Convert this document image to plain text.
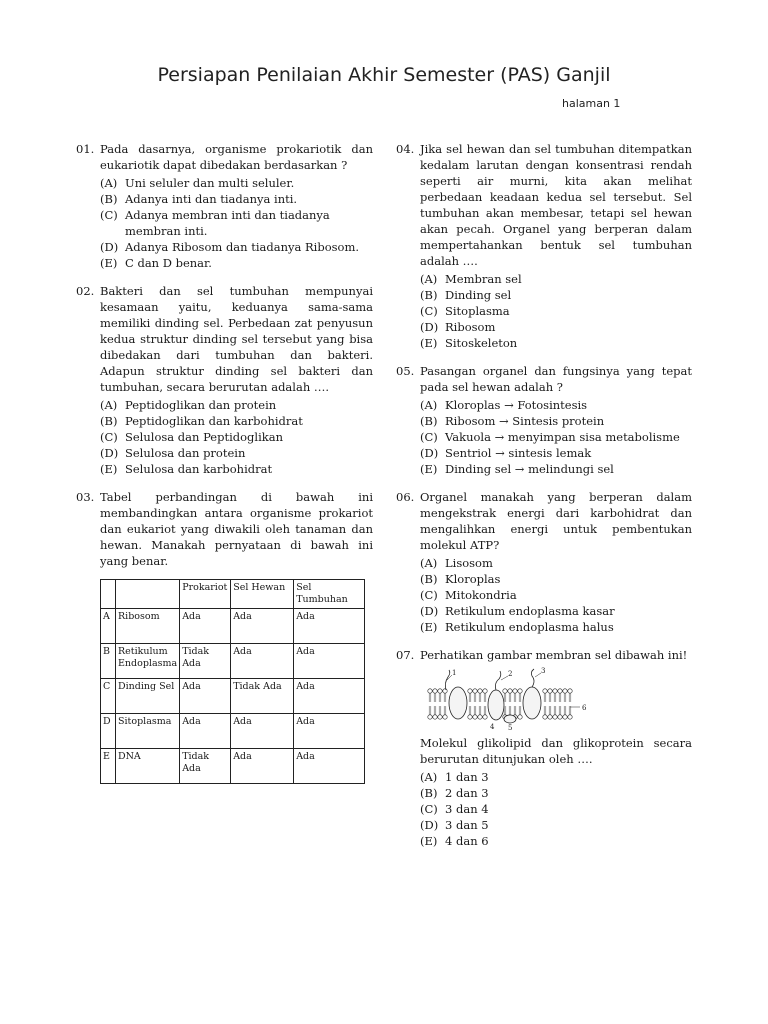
Persiapan Penilaian Akhir Semester (PAS) Ganjil
halaman 1
01. Pada dasarnya, organisme prokariotik dan eukariotik dapat dibedakan berdasarkan ?
(A) Uni seluler dan multi seluler.
(B) Adanya inti dan tiadanya inti.
(C) Adanya membran inti dan tiadanya membran inti.
(D) Adanya Ribosom dan tiadanya Ribosom.
(E) C dan D benar.
02. Bakteri dan sel tumbuhan mempunyai kesamaan yaitu, keduanya sama-sama memiliki dinding sel. Perbedaan zat penyusun kedua struktur dinding sel tersebut yang bisa dibedakan dari tumbuhan dan bakteri. Adapun struktur dinding sel bakteri dan tumbuhan, secara berurutan adalah ….
(A) Peptidoglikan dan protein
(B) Peptidoglikan dan karbohidrat
(C) Selulosa dan Peptidoglikan
(D) Selulosa dan protein
(E) Selulosa dan karbohidrat
03. Tabel perbandingan di bawah ini membandingkan antara organisme prokariot dan eukariot yang diwakili oleh tanaman dan hewan. Manakah pernyataan di bawah ini yang benar.
		Prokariot	Sel Hewan	Sel Tumbuhan
A	Ribosom	Ada	Ada	Ada
B	Retikulum Endoplasma	Tidak Ada	Ada	Ada
C	Dinding Sel	Ada	Tidak Ada	Ada
D	Sitoplasma	Ada	Ada	Ada
E	DNA	Tidak Ada	Ada	Ada
04. Jika sel hewan dan sel tumbuhan ditempatkan kedalam larutan dengan konsentrasi rendah seperti air murni, kita akan melihat perbedaan keadaan kedua sel tersebut. Sel tumbuhan akan membesar, tetapi sel hewan akan pecah. Organel yang berperan dalam mempertahankan bentuk sel tumbuhan adalah ….
(A) Membran sel
(B) Dinding sel
(C) Sitoplasma
(D) Ribosom
(E) Sitoskeleton
05. Pasangan organel dan fungsinya yang tepat pada sel hewan adalah ?
(A) Kloroplas → Fotosintesis
(B) Ribosom → Sintesis protein
(C) Vakuola → menyimpan sisa metabolisme
(D) Sentriol → sintesis lemak
(E) Dinding sel → melindungi sel
06. Organel manakah yang berperan dalam mengekstrak energi dari karbohidrat dan mengalihkan energi untuk pembentukan molekul ATP?
(A) Lisosom
(B) Kloroplas
(C) Mitokondria
(D) Retikulum endoplasma kasar
(E) Retikulum endoplasma halus
07. Perhatikan gambar membran sel dibawah ini!
1	2	3
4 5
6
Molekul glikolipid dan glikoprotein secara berurutan ditunjukan oleh ….
(A) 1 dan 3
(B) 2 dan 3
(C) 3 dan 4
(D) 3 dan 5
(E) 4 dan 6
